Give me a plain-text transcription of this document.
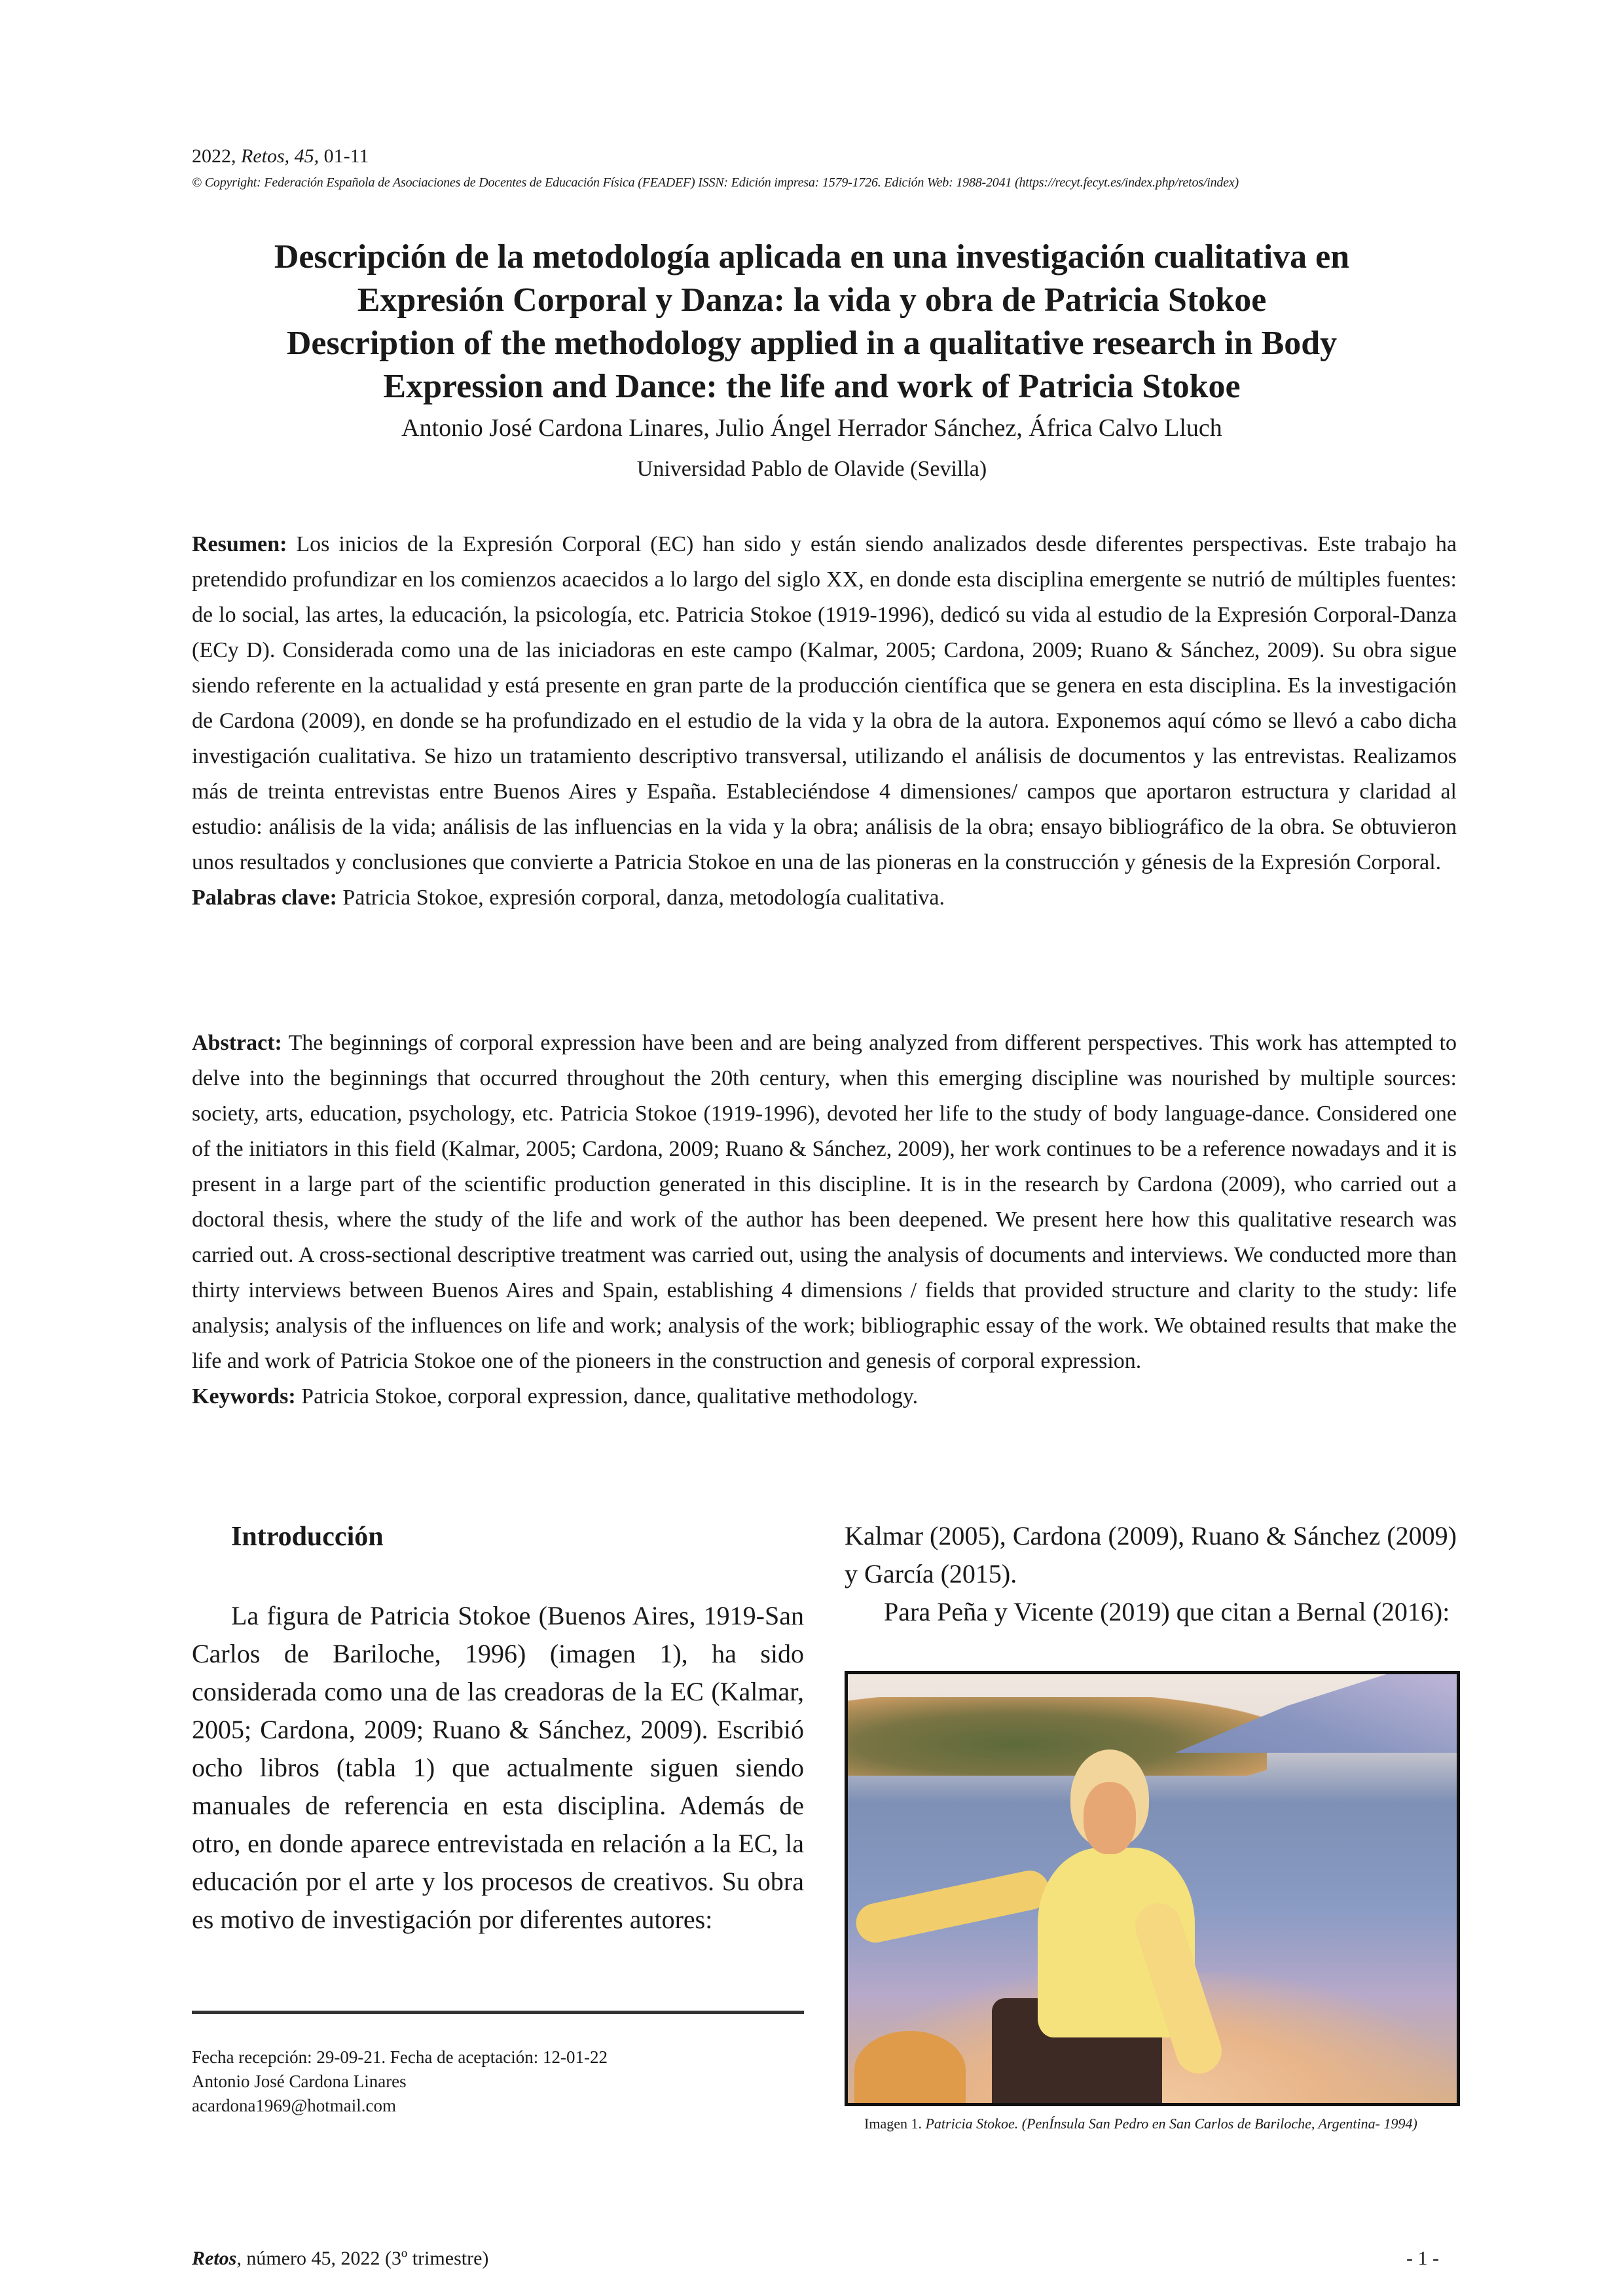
2022, Retos, 45, 01-11
© Copyright: Federación Española de Asociaciones de Docentes de Educación Física (FEADEF) ISSN: Edición impresa: 1579-1726. Edición Web: 1988-2041 (https://recyt.fecyt.es/index.php/retos/index)
Descripción de la metodología aplicada en una investigación cualitativa en
Expresión Corporal y Danza: la vida y obra de Patricia Stokoe
Description of the methodology applied in a qualitative research in Body
Expression and Dance: the life and work of Patricia Stokoe
Antonio José Cardona Linares, Julio Ángel Herrador Sánchez, África Calvo Lluch
Universidad Pablo de Olavide (Sevilla)
Resumen: Los inicios de la Expresión Corporal (EC) han sido y están siendo analizados desde diferentes perspectivas. Este trabajo ha pretendido profundizar en los comienzos acaecidos a lo largo del siglo XX, en donde esta disciplina emergente se nutrió de múltiples fuentes: de lo social, las artes, la educación, la psicología, etc. Patricia Stokoe (1919-1996), dedicó su vida al estudio de la Expresión Corporal-Danza (ECy D). Considerada como una de las iniciadoras en este campo (Kalmar, 2005; Cardona, 2009; Ruano & Sánchez, 2009). Su obra sigue siendo referente en la actualidad y está presente en gran parte de la producción científica que se genera en esta disciplina. Es la investigación de Cardona (2009), en donde se ha profundizado en el estudio de la vida y la obra de la autora. Exponemos aquí cómo se llevó a cabo dicha investigación cualitativa. Se hizo un tratamiento descriptivo transversal, utilizando el análisis de documentos y las entrevistas. Realizamos más de treinta entrevistas entre Buenos Aires y España. Estableciéndose 4 dimensiones/ campos que aportaron estructura y claridad al estudio: análisis de la vida; análisis de las influencias en la vida y la obra; análisis de la obra; ensayo bibliográfico de la obra. Se obtuvieron unos resultados y conclusiones que convierte a Patricia Stokoe en una de las pioneras en la construcción y génesis de la Expresión Corporal.
Palabras clave: Patricia Stokoe, expresión corporal, danza, metodología cualitativa.
Abstract: The beginnings of corporal expression have been and are being analyzed from different perspectives. This work has attempted to delve into the beginnings that occurred throughout the 20th century, when this emerging discipline was nourished by multiple sources: society, arts, education, psychology, etc. Patricia Stokoe (1919-1996), devoted her life to the study of body language-dance. Considered one of the initiators in this field (Kalmar, 2005; Cardona, 2009; Ruano & Sánchez, 2009), her work continues to be a reference nowadays and it is present in a large part of the scientific production generated in this discipline. It is in the research by Cardona (2009), who carried out a doctoral thesis, where the study of the life and work of the author has been deepened. We present here how this qualitative research was carried out. A cross-sectional descriptive treatment was carried out, using the analysis of documents and interviews. We conducted more than thirty interviews between Buenos Aires and Spain, establishing 4 dimensions / fields that provided structure and clarity to the study: life analysis; analysis of the influences on life and work; analysis of the work; bibliographic essay of the work. We obtained results that make the life and work of Patricia Stokoe one of the pioneers in the construction and genesis of corporal expression.
Keywords: Patricia Stokoe, corporal expression, dance, qualitative methodology.
Introducción

La figura de Patricia Stokoe (Buenos Aires, 1919-San Carlos de Bariloche, 1996) (imagen 1), ha sido considerada como una de las creadoras de la EC (Kalmar, 2005; Cardona, 2009; Ruano & Sánchez, 2009). Escribió ocho libros (tabla 1) que actualmente siguen siendo manuales de referencia en esta disciplina. Además de otro, en donde aparece entrevistada en relación a la EC, la educación por el arte y los procesos de creativos. Su obra es motivo de investigación por diferentes autores:

Kalmar (2005), Cardona (2009), Ruano & Sánchez (2009) y García (2015).

Para Peña y Vicente (2019) que citan a Bernal (2016):

Fecha recepción: 29-09-21. Fecha de aceptación: 12-01-22
Antonio José Cardona Linares
acardona1969@hotmail.com
Imagen 1. Patricia Stokoe. (PenÍnsula San Pedro en San Carlos de Bariloche, Argentina- 1994)
Retos, número 45, 2022 (3º trimestre)	- 1 -
